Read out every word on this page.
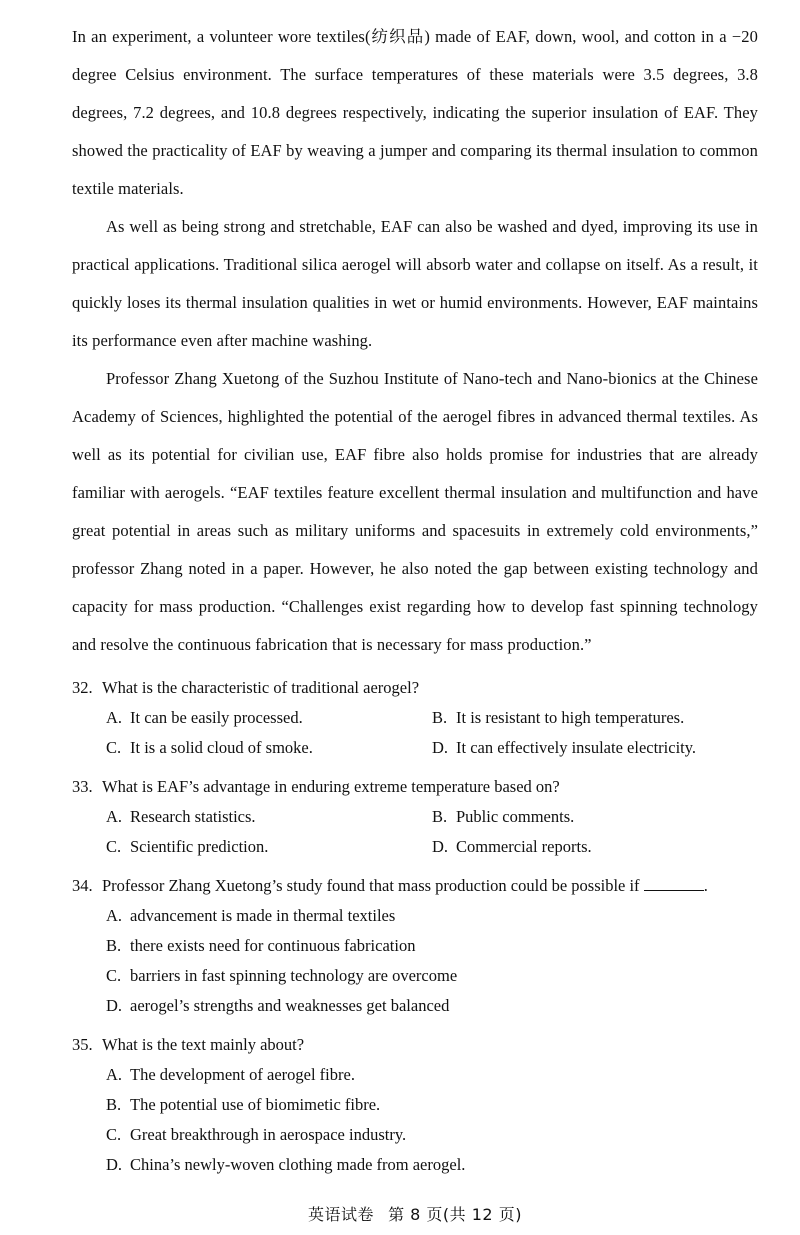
In an experiment, a volunteer wore textiles(纺织品) made of EAF, down, wool, and cotton in a −20 degree Celsius environment. The surface temperatures of these materials were 3.5 degrees, 3.8 degrees, 7.2 degrees, and 10.8 degrees respectively, indicating the superior insulation of EAF. They showed the practicality of EAF by weaving a jumper and comparing its thermal insulation to common textile materials.

As well as being strong and stretchable, EAF can also be washed and dyed, improving its use in practical applications. Traditional silica aerogel will absorb water and collapse on itself. As a result, it quickly loses its thermal insulation qualities in wet or humid environments. However, EAF maintains its performance even after machine washing.

Professor Zhang Xuetong of the Suzhou Institute of Nano-tech and Nano-bionics at the Chinese Academy of Sciences, highlighted the potential of the aerogel fibres in advanced thermal textiles. As well as its potential for civilian use, EAF fibre also holds promise for industries that are already familiar with aerogels. “EAF textiles feature excellent thermal insulation and multifunction and have great potential in areas such as military uniforms and spacesuits in extremely cold environments,” professor Zhang noted in a paper. However, he also noted the gap between existing technology and capacity for mass production. “Challenges exist regarding how to develop fast spinning technology and resolve the continuous fabrication that is necessary for mass production.”

32. What is the characteristic of traditional aerogel?
A. It can be easily processed.	B. It is resistant to high temperatures.
C. It is a solid cloud of smoke.	D. It can effectively insulate electricity.
33. What is EAF’s advantage in enduring extreme temperature based on?
A. Research statistics.	B. Public comments.
C. Scientific prediction.	D. Commercial reports.
34. Professor Zhang Xuetong’s study found that mass production could be possible if	.
A. advancement is made in thermal textiles
B. there exists need for continuous fabrication
C. barriers in fast spinning technology are overcome
D. aerogel’s strengths and weaknesses get balanced
35. What is the text mainly about?
A. The development of aerogel fibre.
B. The potential use of biomimetic fibre.
C. Great breakthrough in aerospace industry.
D. China’s newly-woven clothing made from aerogel.
英语试卷 第 8 页(共 12 页)
